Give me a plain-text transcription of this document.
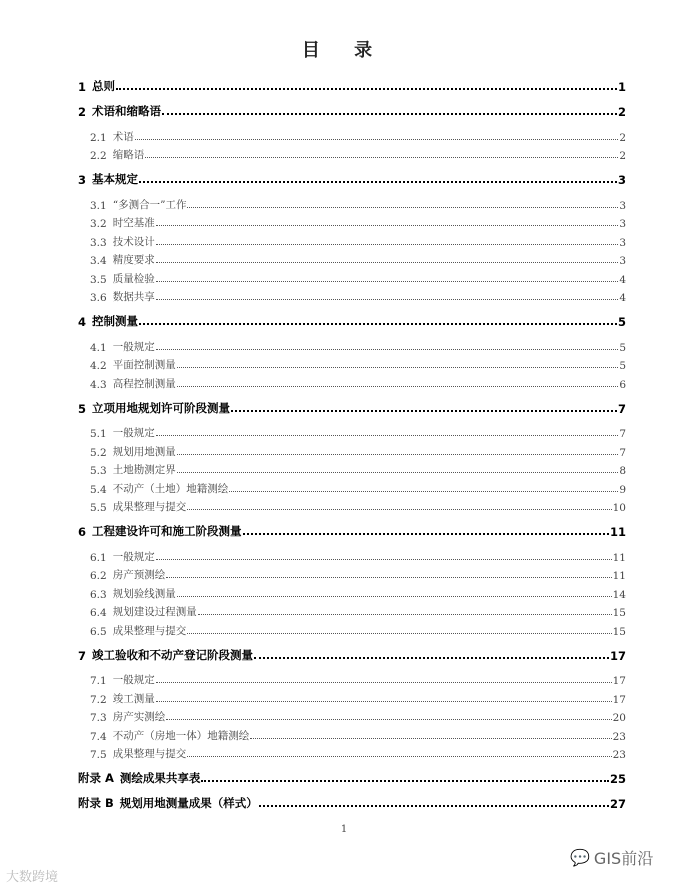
目 录
1 总则	1
2 术语和缩略语	2
2.1 术语	2
2.2 缩略语	2
3 基本规定	3
3.1 “多测合一”工作	3
3.2 时空基准	3
3.3 技术设计	3
3.4 精度要求	3
3.5 质量检验	4
3.6 数据共享	4
4 控制测量	5
4.1 一般规定	5
4.2 平面控制测量	5
4.3 高程控制测量	6
5 立项用地规划许可阶段测量	7
5.1 一般规定	7
5.2 规划用地测量	7
5.3 土地勘测定界	8
5.4 不动产（土地）地籍测绘	9
5.5 成果整理与提交	10
6 工程建设许可和施工阶段测量	11
6.1 一般规定	11
6.2 房产预测绘	11
6.3 规划验线测量	14
6.4 规划建设过程测量	15
6.5 成果整理与提交	15
7 竣工验收和不动产登记阶段测量	17
7.1 一般规定	17
7.2 竣工测量	17
7.3 房产实测绘	20
7.4 不动产（房地一体）地籍测绘	23
7.5 成果整理与提交	23
附录 A 测绘成果共享表	25
附录 B 规划用地测量成果（样式）	27
1
💬 GIS前沿
大数跨境
